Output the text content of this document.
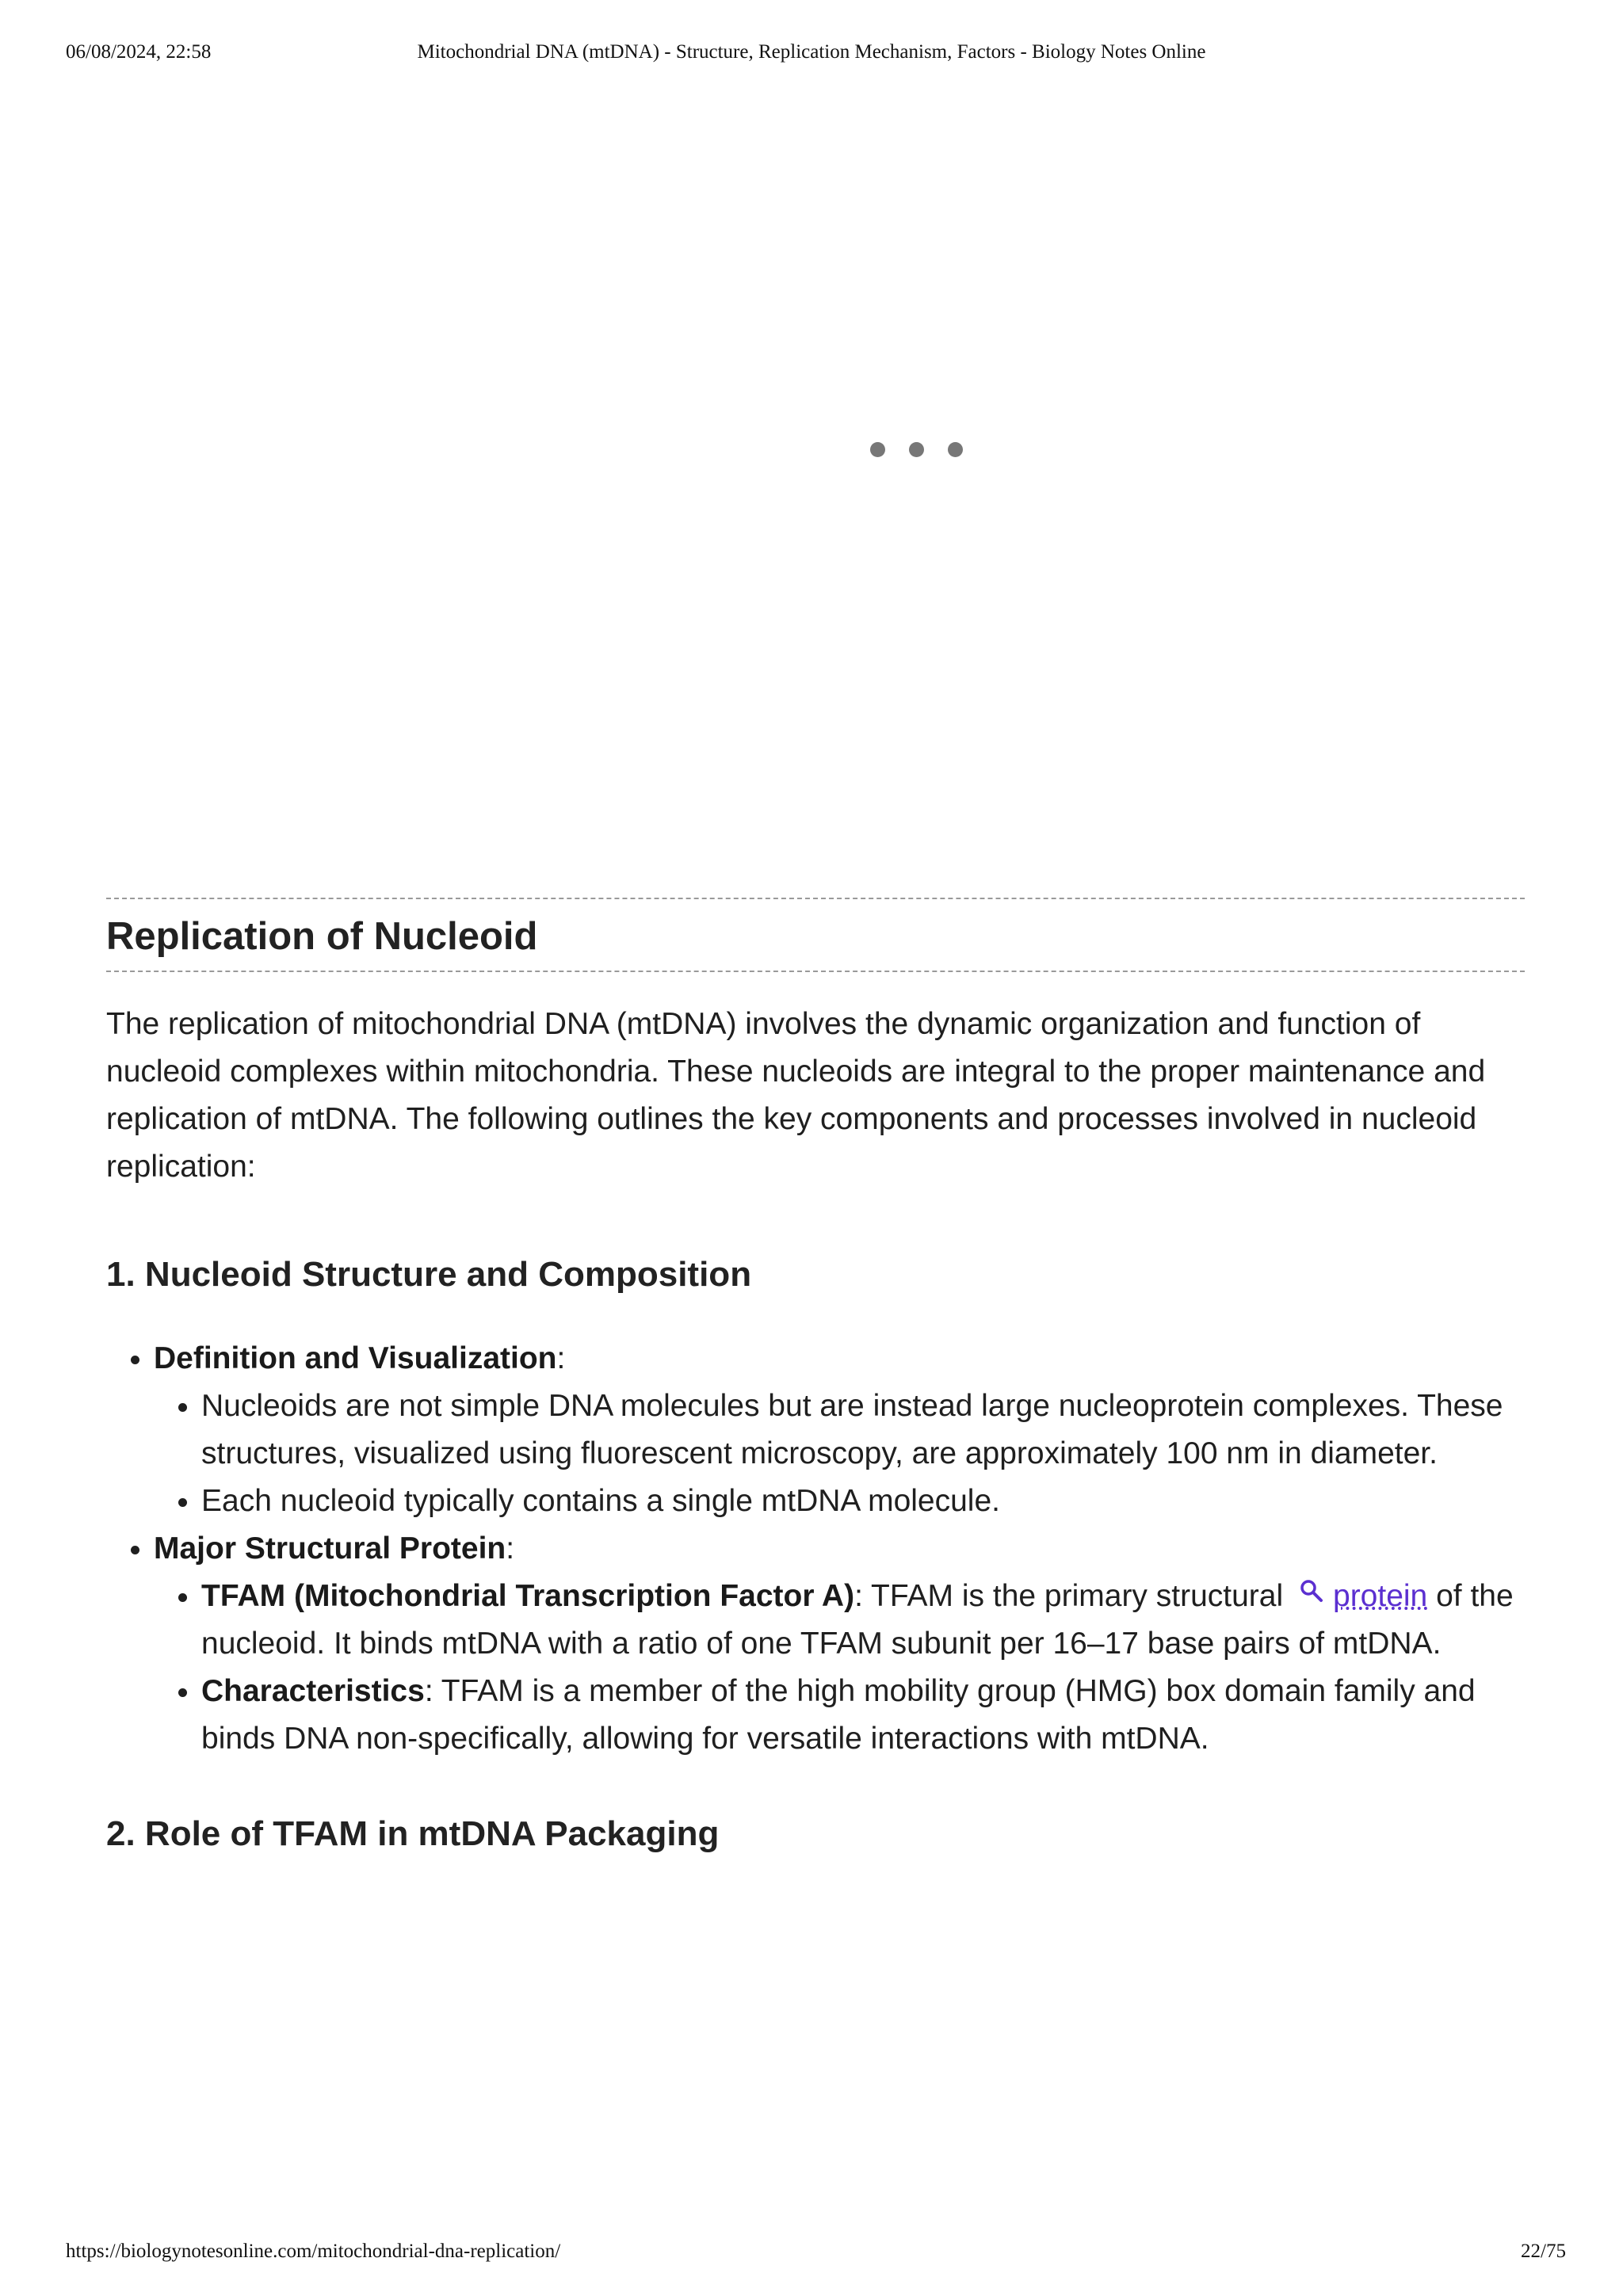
06/08/2024, 22:58	Mitochondrial DNA (mtDNA) - Structure, Replication Mechanism, Factors - Biology Notes Online
Replication of Nucleoid

The replication of mitochondrial DNA (mtDNA) involves the dynamic organization and function of nucleoid complexes within mitochondria. These nucleoids are integral to the proper maintenance and replication of mtDNA. The following outlines the key components and processes involved in nucleoid replication:

1. Nucleoid Structure and Composition
• Definition and Visualization:
• Nucleoids are not simple DNA molecules but are instead large nucleoprotein complexes. These structures, visualized using fluorescent microscopy, are approximately 100 nm in diameter.
• Each nucleoid typically contains a single mtDNA molecule.
• Major Structural Protein:
• TFAM (Mitochondrial Transcription Factor A): TFAM is the primary structural protein of the nucleoid. It binds mtDNA with a ratio of one TFAM subunit per 16–17 base pairs of mtDNA.
• Characteristics: TFAM is a member of the high mobility group (HMG) box domain family and binds DNA non-specifically, allowing for versatile interactions with mtDNA.
2. Role of TFAM in mtDNA Packaging
https://biologynotesonline.com/mitochondrial-dna-replication/	22/75
